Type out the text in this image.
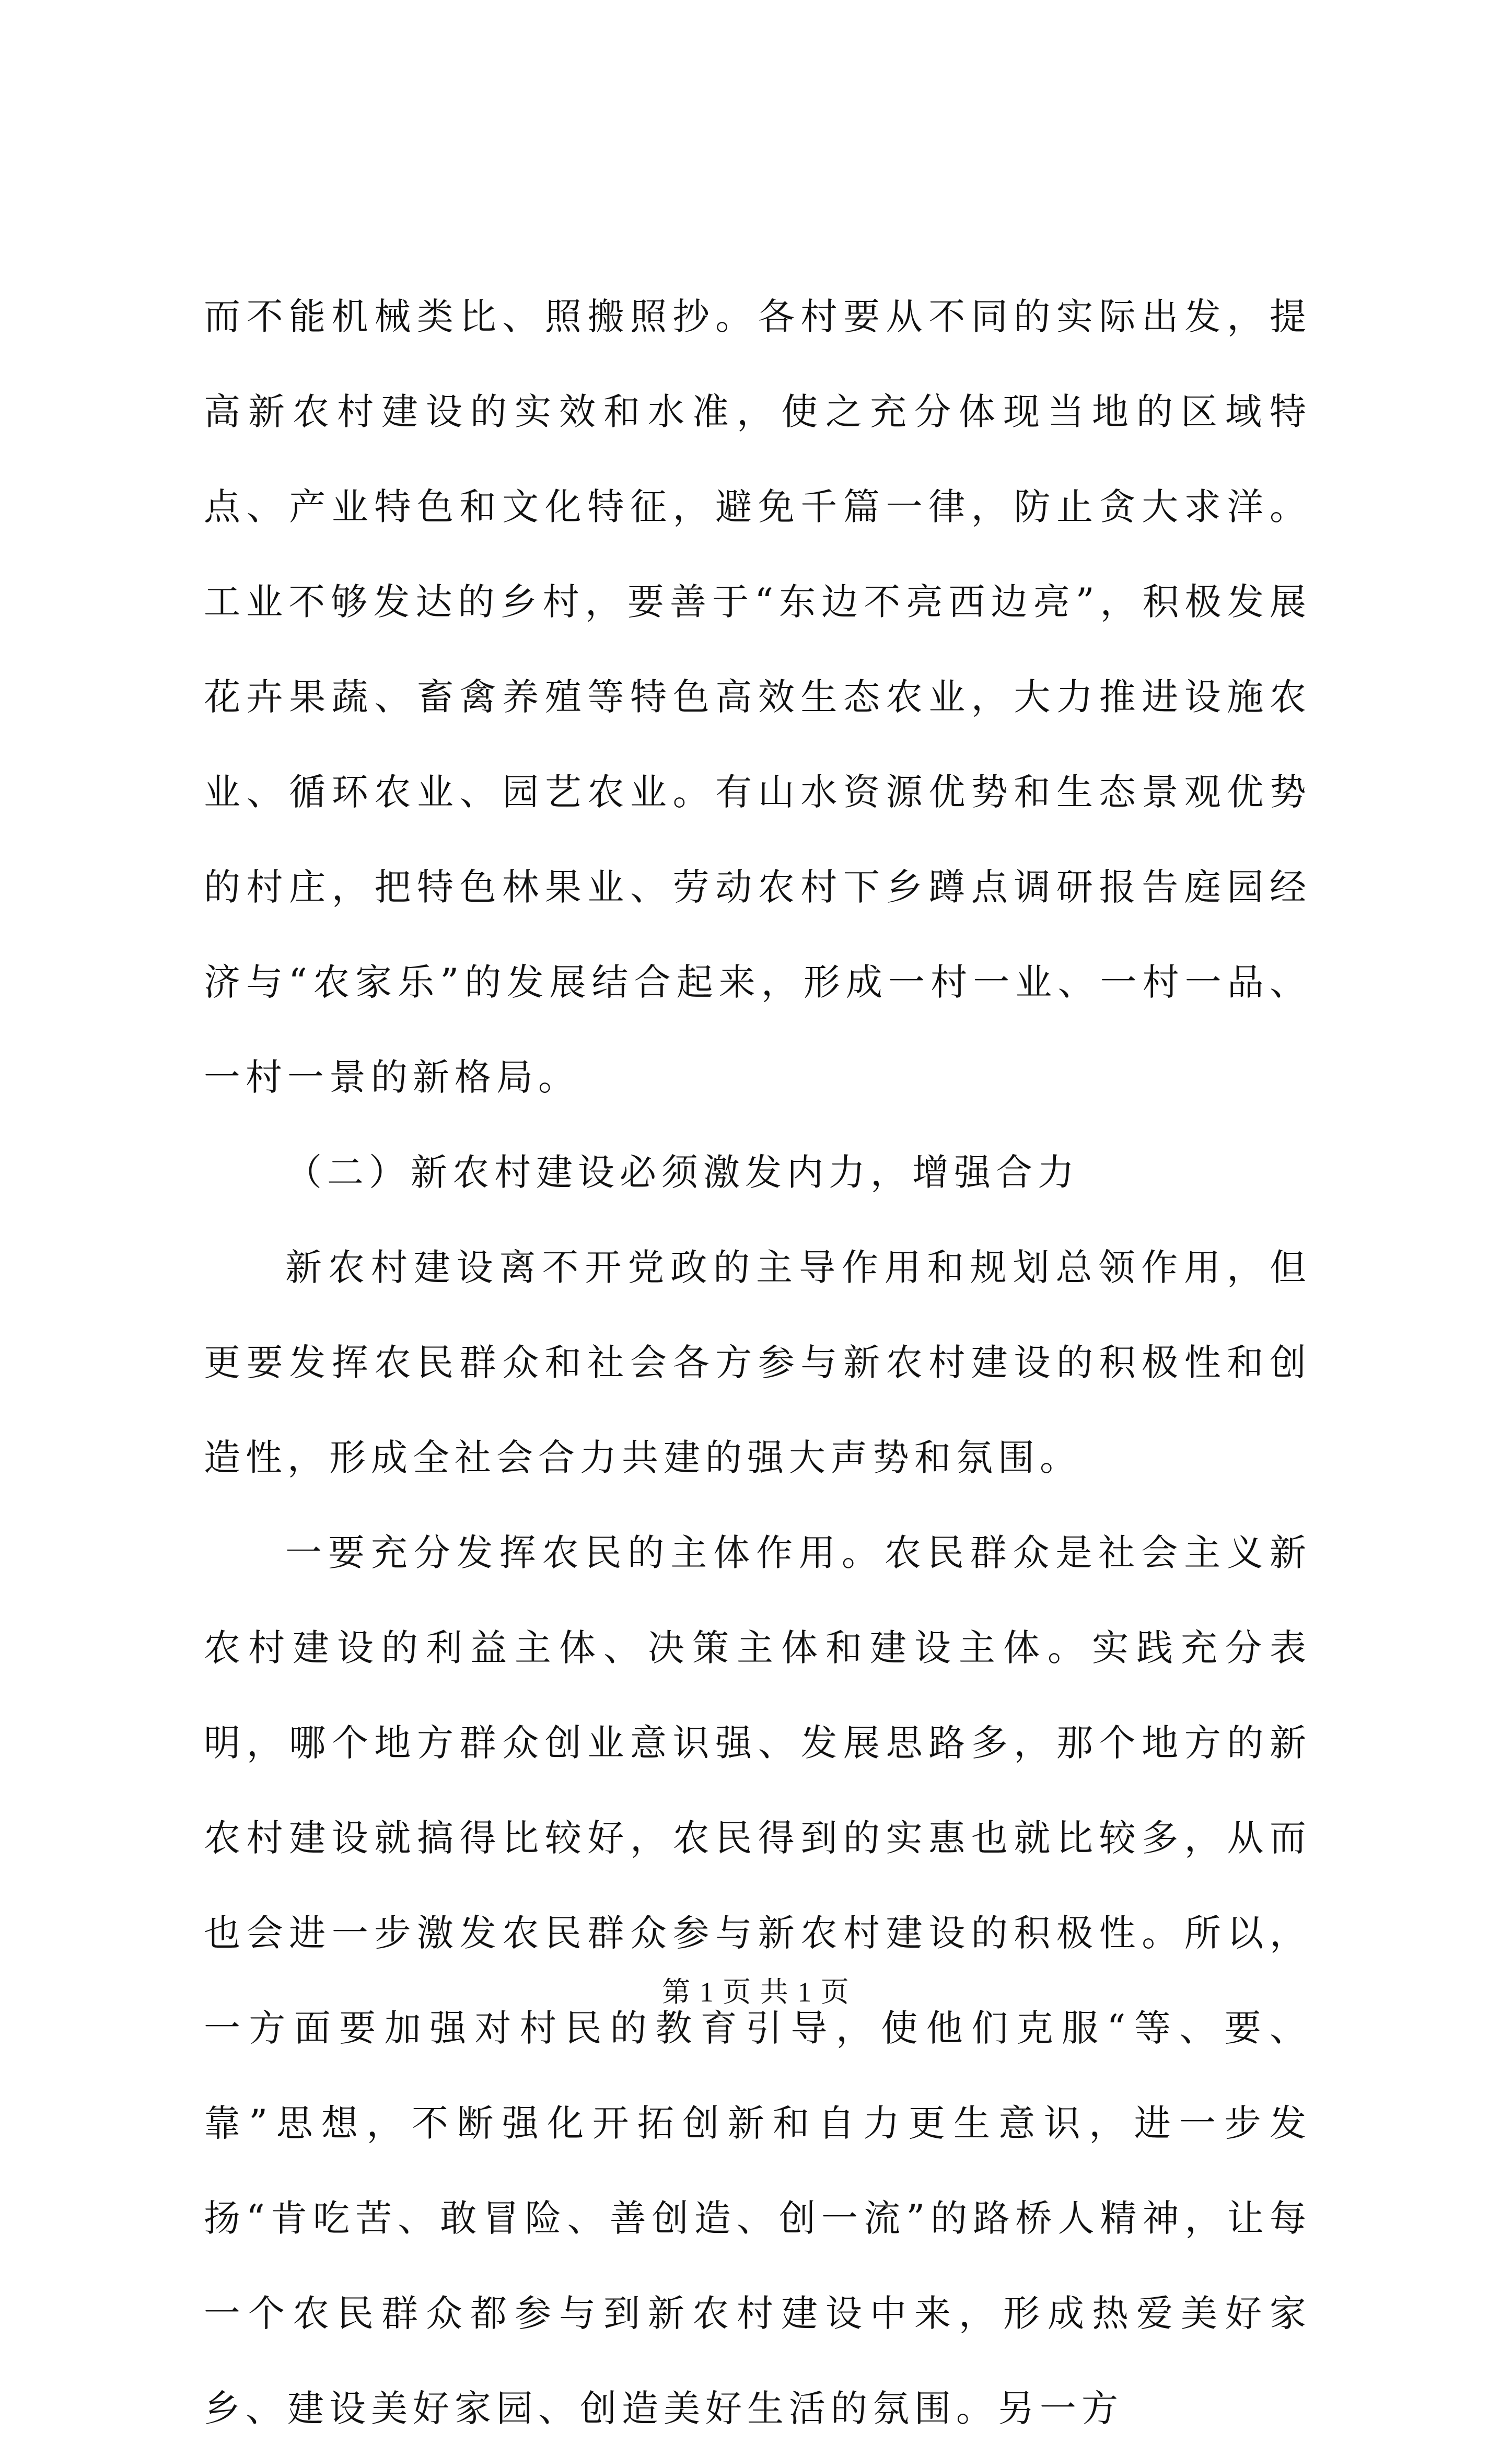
而不能机械类比、照搬照抄。各村要从不同的实际出发，提高新农村建设的实效和水准，使之充分体现当地的区域特点、产业特色和文化特征，避免千篇一律，防止贪大求洋。工业不够发达的乡村，要善于“东边不亮西边亮”，积极发展花卉果蔬、畜禽养殖等特色高效生态农业，大力推进设施农业、循环农业、园艺农业。有山水资源优势和生态景观优势的村庄，把特色林果业、劳动农村下乡蹲点调研报告庭园经济与“农家乐”的发展结合起来，形成一村一业、一村一品、一村一景的新格局。

（二）新农村建设必须激发内力，增强合力

新农村建设离不开党政的主导作用和规划总领作用，但更要发挥农民群众和社会各方参与新农村建设的积极性和创造性，形成全社会合力共建的强大声势和氛围。

一要充分发挥农民的主体作用。农民群众是社会主义新农村建设的利益主体、决策主体和建设主体。实践充分表明，哪个地方群众创业意识强、发展思路多，那个地方的新农村建设就搞得比较好，农民得到的实惠也就比较多，从而也会进一步激发农民群众参与新农村建设的积极性。所以，一方面要加强对村民的教育引导，使他们克服“等、要、靠”思想，不断强化开拓创新和自力更生意识，进一步发扬“肯吃苦、敢冒险、善创造、创一流”的路桥人精神，让每一个农民群众都参与到新农村建设中来，形成热爱美好家乡、建设美好家园、创造美好生活的氛围。另一方

第 1 页 共 1 页
